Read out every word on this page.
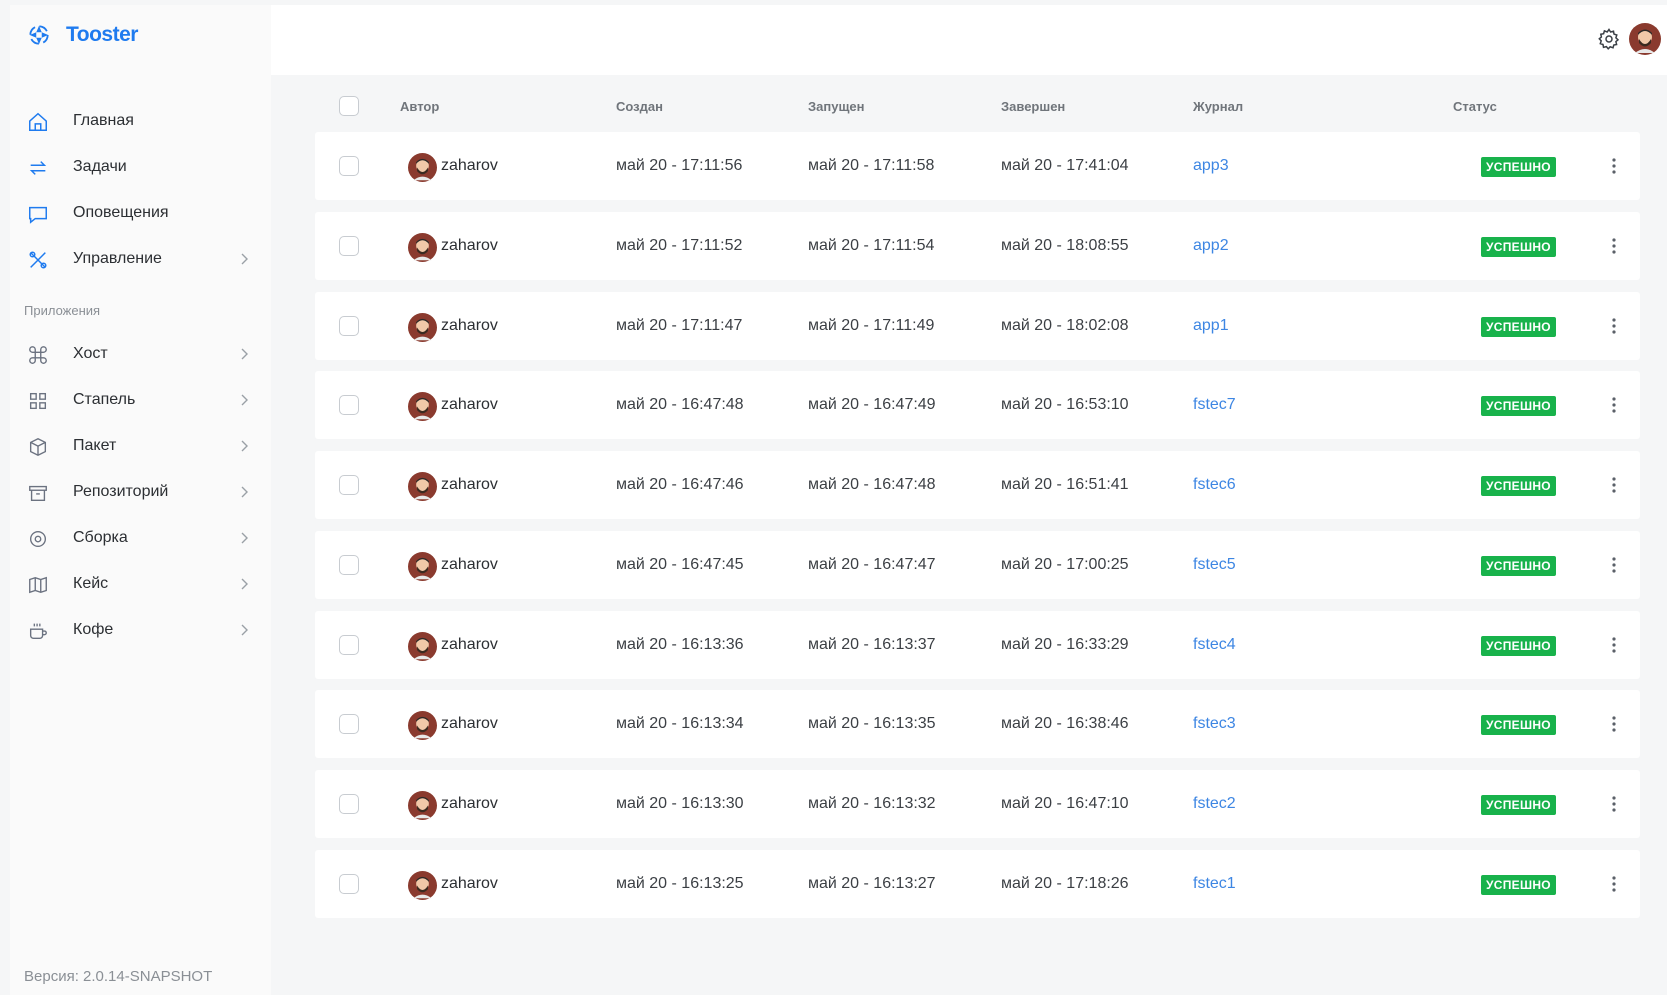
Tooster
Главная
Задачи
Оповещения
Управление
Приложения
Хост
Стапель
Пакет
Репозиторий
Сборка
Кейс
Кофе
Версия: 2.0.14-SNAPSHOT
Автор	Создан	Запущен	Завершен	Журнал	Статус
zaharov	май 20 - 17:11:56	май 20 - 17:11:58	май 20 - 17:41:04	app3	УСПЕШНО
zaharov	май 20 - 17:11:52	май 20 - 17:11:54	май 20 - 18:08:55	app2	УСПЕШНО
zaharov	май 20 - 17:11:47	май 20 - 17:11:49	май 20 - 18:02:08	app1	УСПЕШНО
zaharov	май 20 - 16:47:48	май 20 - 16:47:49	май 20 - 16:53:10	fstec7	УСПЕШНО
zaharov	май 20 - 16:47:46	май 20 - 16:47:48	май 20 - 16:51:41	fstec6	УСПЕШНО
zaharov	май 20 - 16:47:45	май 20 - 16:47:47	май 20 - 17:00:25	fstec5	УСПЕШНО
zaharov	май 20 - 16:13:36	май 20 - 16:13:37	май 20 - 16:33:29	fstec4	УСПЕШНО
zaharov	май 20 - 16:13:34	май 20 - 16:13:35	май 20 - 16:38:46	fstec3	УСПЕШНО
zaharov	май 20 - 16:13:30	май 20 - 16:13:32	май 20 - 16:47:10	fstec2	УСПЕШНО
zaharov	май 20 - 16:13:25	май 20 - 16:13:27	май 20 - 17:18:26	fstec1	УСПЕШНО
